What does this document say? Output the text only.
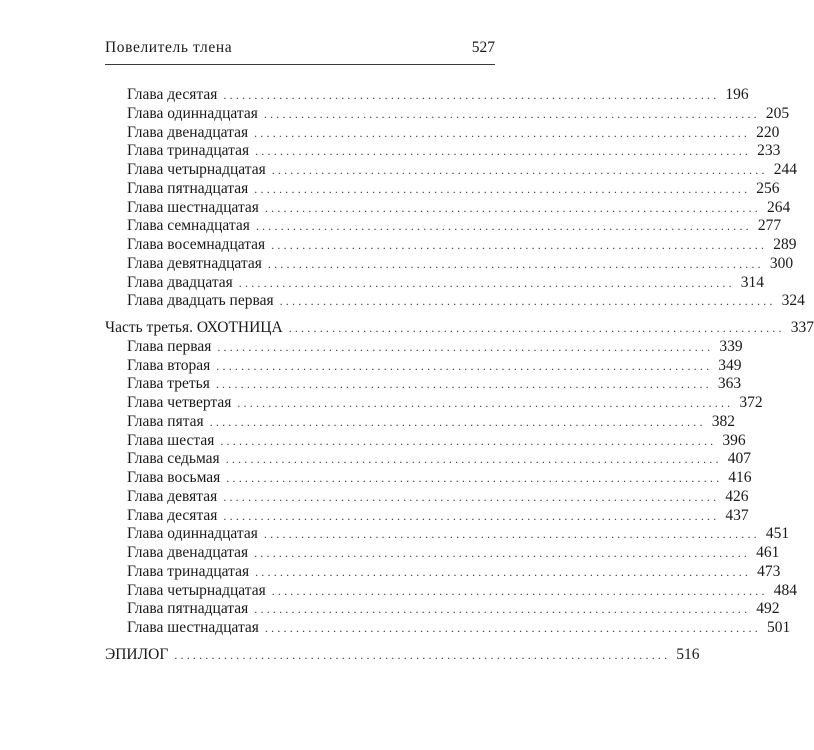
Повелитель тлена	527
Глава десятая ................................................................................ 196
Глава одиннадцатая ................................................................................ 205
Глава двенадцатая ................................................................................ 220
Глава тринадцатая ................................................................................ 233
Глава четырнадцатая ................................................................................ 244
Глава пятнадцатая ................................................................................ 256
Глава шестнадцатая ................................................................................ 264
Глава семнадцатая ................................................................................ 277
Глава восемнадцатая ................................................................................ 289
Глава девятнадцатая ................................................................................ 300
Глава двадцатая ................................................................................ 314
Глава двадцать первая ................................................................................ 324
Часть третья. ОХОТНИЦА ................................................................................ 337
Глава первая ................................................................................ 339
Глава вторая ................................................................................ 349
Глава третья ................................................................................ 363
Глава четвертая ................................................................................ 372
Глава пятая ................................................................................ 382
Глава шестая ................................................................................ 396
Глава седьмая ................................................................................ 407
Глава восьмая ................................................................................ 416
Глава девятая ................................................................................ 426
Глава десятая ................................................................................ 437
Глава одиннадцатая ................................................................................ 451
Глава двенадцатая ................................................................................ 461
Глава тринадцатая ................................................................................ 473
Глава четырнадцатая ................................................................................ 484
Глава пятнадцатая ................................................................................ 492
Глава шестнадцатая ................................................................................ 501
ЭПИЛОГ ................................................................................ 516
